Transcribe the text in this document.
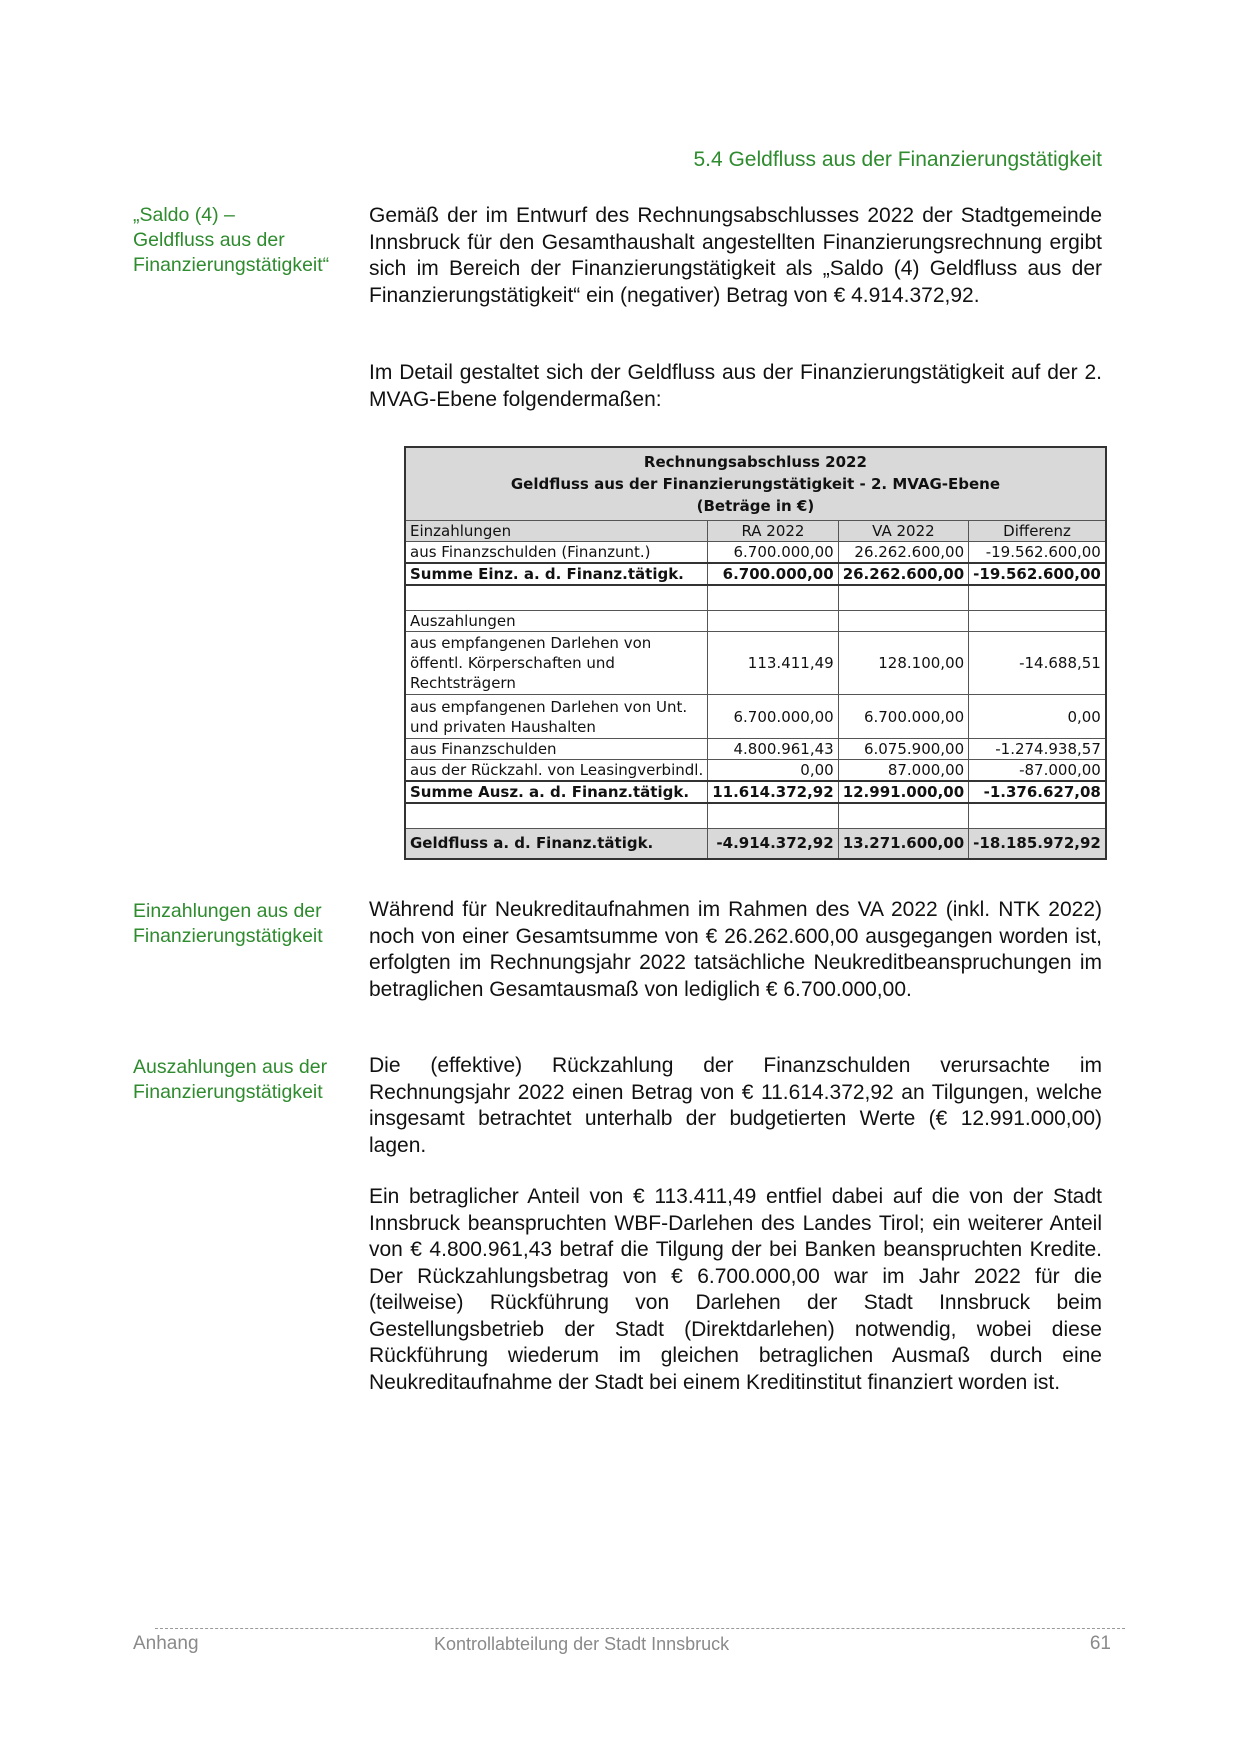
5.4 Geldfluss aus der Finanzierungstätigkeit
„Saldo (4) –
Geldfluss aus der
Finanzierungstätigkeit“
Gemäß der im Entwurf des Rechnungsabschlusses 2022 der Stadtgemeinde Innsbruck für den Gesamthaushalt angestellten Finanzierungsrechnung ergibt sich im Bereich der Finanzierungstätigkeit als „Saldo (4) Geldfluss aus der Finanzierungstätigkeit“ ein (negativer) Betrag von € 4.914.372,92.
Im Detail gestaltet sich der Geldfluss aus der Finanzierungstätigkeit auf der 2. MVAG-Ebene folgendermaßen:
Rechnungsabschluss 2022
Geldfluss aus der Finanzierungstätigkeit - 2. MVAG-Ebene
(Beträge in €)			

Einzahlungen	RA 2022	VA 2022	Differenz
aus Finanzschulden (Finanzunt.)	6.700.000,00	26.262.600,00	-19.562.600,00
Summe Einz. a. d. Finanz.tätigk.	6.700.000,00	26.262.600,00	-19.562.600,00

Auszahlungen			
aus empfangenen Darlehen von öffentl. Körperschaften und Rechtsträgern	113.411,49	128.100,00	-14.688,51
aus empfangenen Darlehen von Unt. und privaten Haushalten	6.700.000,00	6.700.000,00	0,00
aus Finanzschulden	4.800.961,43	6.075.900,00	-1.274.938,57
aus der Rückzahl. von Leasingverbindl.	0,00	87.000,00	-87.000,00
Summe Ausz. a. d. Finanz.tätigk.	11.614.372,92	12.991.000,00	-1.376.627,08

Geldfluss a. d. Finanz.tätigk.	-4.914.372,92	13.271.600,00	-18.185.972,92
Einzahlungen aus der
Finanzierungstätigkeit
Während für Neukreditaufnahmen im Rahmen des VA 2022 (inkl. NTK 2022) noch von einer Gesamtsumme von € 26.262.600,00 ausgegangen worden ist, erfolgten im Rechnungsjahr 2022 tatsächliche Neukreditbeanspruchungen im betraglichen Gesamtausmaß von lediglich € 6.700.000,00.
Auszahlungen aus der
Finanzierungstätigkeit
Die (effektive) Rückzahlung der Finanzschulden verursachte im Rechnungsjahr 2022 einen Betrag von € 11.614.372,92 an Tilgungen, welche insgesamt betrachtet unterhalb der budgetierten Werte (€ 12.991.000,00) lagen.
Ein betraglicher Anteil von € 113.411,49 entfiel dabei auf die von der Stadt Innsbruck beanspruchten WBF-Darlehen des Landes Tirol; ein weiterer Anteil von € 4.800.961,43 betraf die Tilgung der bei Banken beanspruchten Kredite. Der Rückzahlungsbetrag von € 6.700.000,00 war im Jahr 2022 für die (teilweise) Rückführung von Darlehen der Stadt Innsbruck beim Gestellungsbetrieb der Stadt (Direktdarlehen) notwendig, wobei diese Rückführung wiederum im gleichen betraglichen Ausmaß durch eine Neukreditaufnahme der Stadt bei einem Kreditinstitut finanziert worden ist.
Anhang	Kontrollabteilung der Stadt Innsbruck	61
